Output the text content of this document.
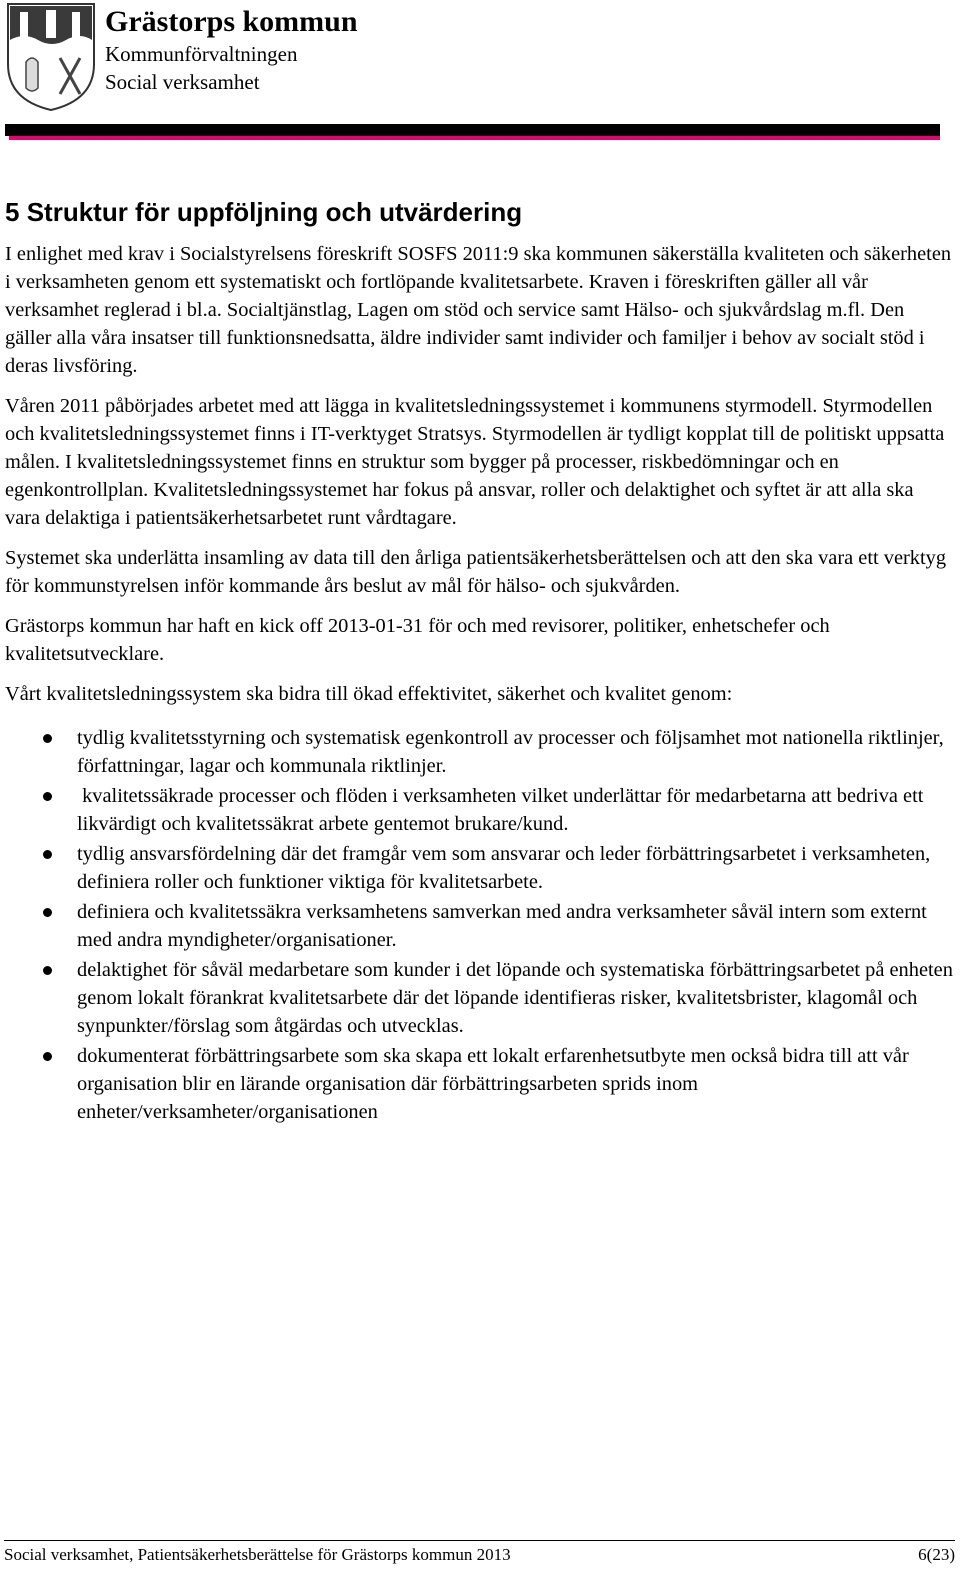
Grästorps kommun

Kommunförvaltningen

Social verksamhet

5 Struktur för uppföljning och utvärdering

I enlighet med krav i Socialstyrelsens föreskrift SOSFS 2011:9 ska kommunen säkerställa kvaliteten och säkerheten i verksamheten genom ett systematiskt och fortlöpande kvalitetsarbete. Kraven i föreskriften gäller all vår verksamhet reglerad i bl.a. Socialtjänstlag, Lagen om stöd och service samt Hälso- och sjukvårdslag m.fl. Den gäller alla våra insatser till funktionsnedsatta, äldre individer samt individer och familjer i behov av socialt stöd i deras livsföring.

Våren 2011 påbörjades arbetet med att lägga in kvalitetsledningssystemet i kommunens styrmodell. Styrmodellen och kvalitetsledningssystemet finns i IT-verktyget Stratsys. Styrmodellen är tydligt kopplat till de politiskt uppsatta målen. I kvalitetsledningssystemet finns en struktur som bygger på processer, riskbedömningar och en egenkontrollplan. Kvalitetsledningssystemet har fokus på ansvar, roller och delaktighet och syftet är att alla ska vara delaktiga i patientsäkerhetsarbetet runt vårdtagare.

Systemet ska underlätta insamling av data till den årliga patientsäkerhetsberättelsen och att den ska vara ett verktyg för kommunstyrelsen inför kommande års beslut av mål för hälso- och sjukvården.

Grästorps kommun har haft en kick off 2013-01-31 för och med revisorer, politiker, enhetschefer och kvalitetsutvecklare.

Vårt kvalitetsledningssystem ska bidra till ökad effektivitet, säkerhet och kvalitet genom:

tydlig kvalitetsstyrning och systematisk egenkontroll av processer och följsamhet mot nationella riktlinjer, författningar, lagar och kommunala riktlinjer.
kvalitetssäkrade processer och flöden i verksamheten vilket underlättar för medarbetarna att bedriva ett likvärdigt och kvalitetssäkrat arbete gentemot brukare/kund.
tydlig ansvarsfördelning där det framgår vem som ansvarar och leder förbättringsarbetet i verksamheten, definiera roller och funktioner viktiga för kvalitetsarbete.
definiera och kvalitetssäkra verksamhetens samverkan med andra verksamheter såväl intern som externt med andra myndigheter/organisationer.
delaktighet för såväl medarbetare som kunder i det löpande och systematiska förbättringsarbetet på enheten genom lokalt förankrat kvalitetsarbete där det löpande identifieras risker, kvalitetsbrister, klagomål och synpunkter/förslag som åtgärdas och utvecklas.
dokumenterat förbättringsarbete som ska skapa ett lokalt erfarenhetsutbyte men också bidra till att vår organisation blir en lärande organisation där förbättringsarbeten sprids inom enheter/verksamheter/organisationen
Social verksamhet, Patientsäkerhetsberättelse för Grästorps kommun 2013	6(23)
